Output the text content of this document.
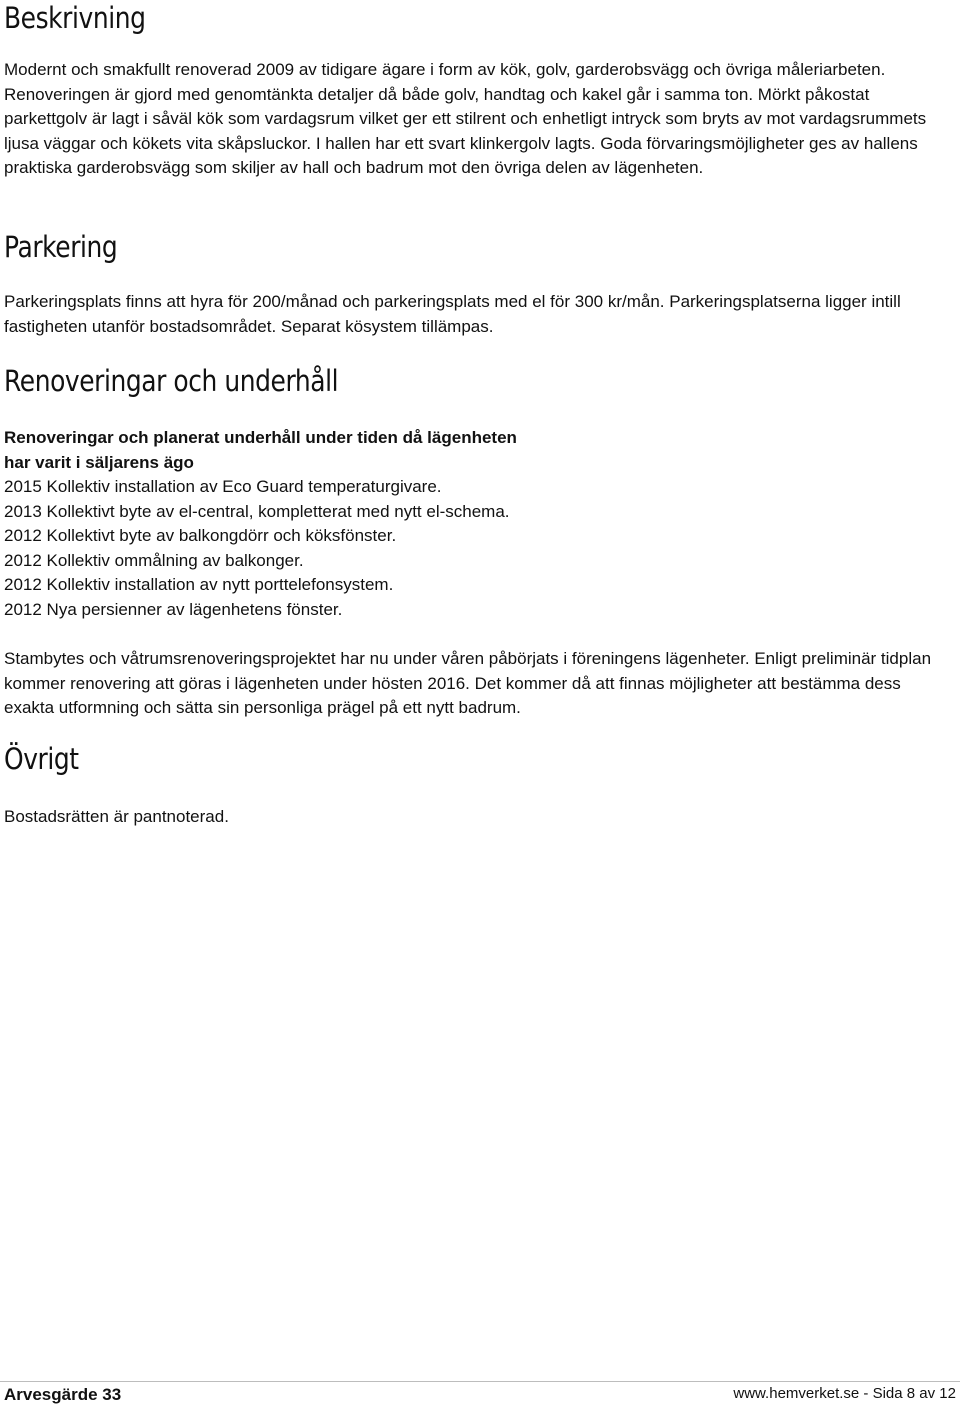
Beskrivning

Modernt och smakfullt renoverad 2009 av tidigare ägare i form av kök, golv, garderobsvägg och övriga måleriarbeten. Renoveringen är gjord med genomtänkta detaljer då både golv, handtag och kakel går i samma ton. Mörkt påkostat parkettgolv är lagt i såväl kök som vardagsrum vilket ger ett stilrent och enhetligt intryck som bryts av mot vardagsrummets ljusa väggar och kökets vita skåpsluckor. I hallen har ett svart klinkergolv lagts. Goda förvaringsmöjligheter ges av hallens praktiska garderobsvägg som skiljer av hall och badrum mot den övriga delen av lägenheten.

Parkering

Parkeringsplats finns att hyra för 200/månad och parkeringsplats med el för 300 kr/mån. Parkeringsplatserna ligger intill fastigheten utanför bostadsområdet. Separat kösystem tillämpas.

Renoveringar och underhåll

Renoveringar och planerat underhåll under tiden då lägenheten

har varit i säljarens ägo

2015 Kollektiv installation av Eco Guard temperaturgivare.

2013 Kollektivt byte av el-central, kompletterat med nytt el-schema.

2012 Kollektivt byte av balkongdörr och köksfönster.

2012 Kollektiv ommålning av balkonger.

2012 Kollektiv installation av nytt porttelefonsystem.

2012 Nya persienner av lägenhetens fönster.

Stambytes och våtrumsrenoveringsprojektet har nu under våren påbörjats i föreningens lägenheter. Enligt preliminär tidplan kommer renovering att göras i lägenheten under hösten 2016. Det kommer då att finnas möjligheter att bestämma dess exakta utformning och sätta sin personliga prägel på ett nytt badrum.

Övrigt

Bostadsrätten är pantnoterad.

Arvesgärde 33	www.hemverket.se - Sida 8 av 12
